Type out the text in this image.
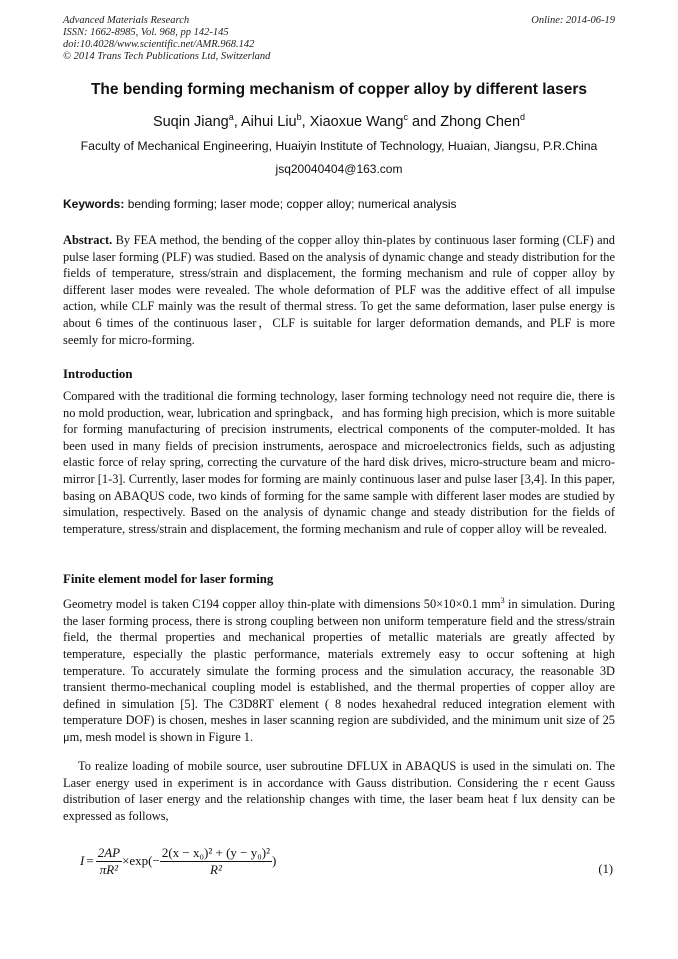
Advanced Materials Research
ISSN: 1662-8985, Vol. 968, pp 142-145
doi:10.4028/www.scientific.net/AMR.968.142
© 2014 Trans Tech Publications Ltd, Switzerland
Online: 2014-06-19
The bending forming mechanism of copper alloy by different lasers
Suqin Jiang$^a$, Aihui Liu$^b$, Xiaoxue Wang$^c$ and Zhong Chen$^d$
Faculty of Mechanical Engineering, Huaiyin Institute of Technology, Huaian, Jiangsu, P.R.China
jsq20040404@163.com
Keywords: bending forming; laser mode; copper alloy; numerical analysis
Abstract. By FEA method, the bending of the copper alloy thin-plates by continuous laser forming (CLF) and pulse laser forming (PLF) was studied. Based on the analysis of dynamic change and steady distribution for the fields of temperature, stress/strain and displacement, the forming mechanism and rule of copper alloy by different laser modes were revealed. The whole deformation of PLF was the additive effect of all impulse action, while CLF mainly was the result of thermal stress. To get the same deformation, laser pulse energy is about 6 times of the continuous laser，CLF is suitable for larger deformation demands, and PLF is more seemly for micro-forming.
Introduction
Compared with the traditional die forming technology, laser forming technology need not require die, there is no mold production, wear, lubrication and springback，and has forming high precision, which is more suitable for forming manufacturing of precision instruments, electrical components of the computer-molded. It has been used in many fields of precision instruments, aerospace and microelectronics fields, such as adjusting elastic force of relay spring, correcting the curvature of the hard disk drives, micro-structure beam and micro-mirror [1-3]. Currently, laser modes for forming are mainly continuous laser and pulse laser [3,4]. In this paper, basing on ABAQUS code, two kinds of forming for the same sample with different laser modes are studied by simulation, respectively. Based on the analysis of dynamic change and steady distribution for the fields of temperature, stress/strain and displacement, the forming mechanism and rule of copper alloy will be revealed.
Finite element model for laser forming
Geometry model is taken C194 copper alloy thin-plate with dimensions 50×10×0.1 $mm^3$ in simulation. During the laser forming process, there is strong coupling between non uniform temperature field and the stress/strain field, the thermal properties and mechanical properties of metallic materials are greatly affected by temperature, especially the plastic performance, materials extremely easy to occur softening at high temperature. To accurately simulate the forming process and the simulation accuracy, the reasonable 3D transient thermo-mechanical coupling model is established, and the thermal properties of copper alloy are defined in simulation [5]. The C3D8RT element ( 8 nodes hexahedral reduced integration element with temperature DOF) is chosen, meshes in laser scanning region are subdivided, and the minimum unit size of 25 μm, mesh model is shown in Figure 1.
To realize loading of mobile source, user subroutine DFLUX in ABAQUS is used in the simulati on. The Laser energy used in experiment is in accordance with Gauss distribution. Considering the r ecent Gauss distribution of laser energy and the relationship changes with time, the laser beam heat f lux density can be expressed as follows,
$I = \frac{2AP}{\text{πR²}} \times\exp(- \frac{\text{2(x − x₀)² + (y − y₀)²}}{\text{R²}}$ )
(1)
